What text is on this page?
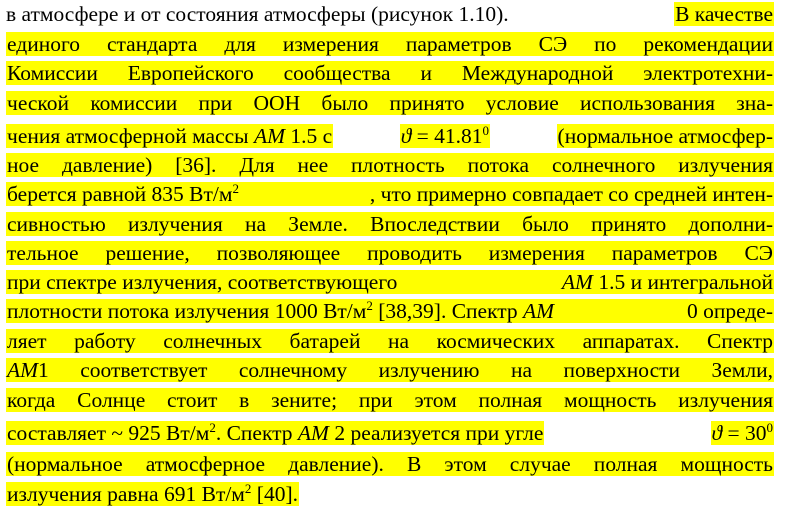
в атмосфере и от состояния атмосферы (рисунок 1.10).	В качестве
единого стандарта для измерения параметров СЭ по рекомендации
Комиссии Европейского сообщества и Международной электротехни-
ческой комиссии при ООН было принято условие использования зна-
чения атмосферной массы AM 1.5 с	$ϑ = 41.81^0$	(нормальное атмосфер-
ное давление) [36]. Для нее плотность потока солнечного излучения
берется равной 835 $Вт/м^2$	, что примерно совпадает со средней интен-
сивностью излучения на Земле. Впоследствии было принято дополни-
тельное решение, позволяющее проводить измерения параметров СЭ
при спектре излучения, соответствующего	AM 1.5 и интегральной
плотности потока излучения 1000 $Вт/м^2$ [38,39]. Спектр AM	0 опреде-
ляет работу солнечных батарей на космических аппаратах. Спектр
AM 1 соответствует солнечному излучению на поверхности Земли,
когда Солнце стоит в зените; при этом полная мощность излучения
составляет ~ 925 $Вт/м^2$. Спектр AM 2 реализуется при угле	$ϑ = 30^0$
(нормальное атмосферное давление). В этом случае полная мощность
излучения равна 691 $Вт/м^2$ [40].
